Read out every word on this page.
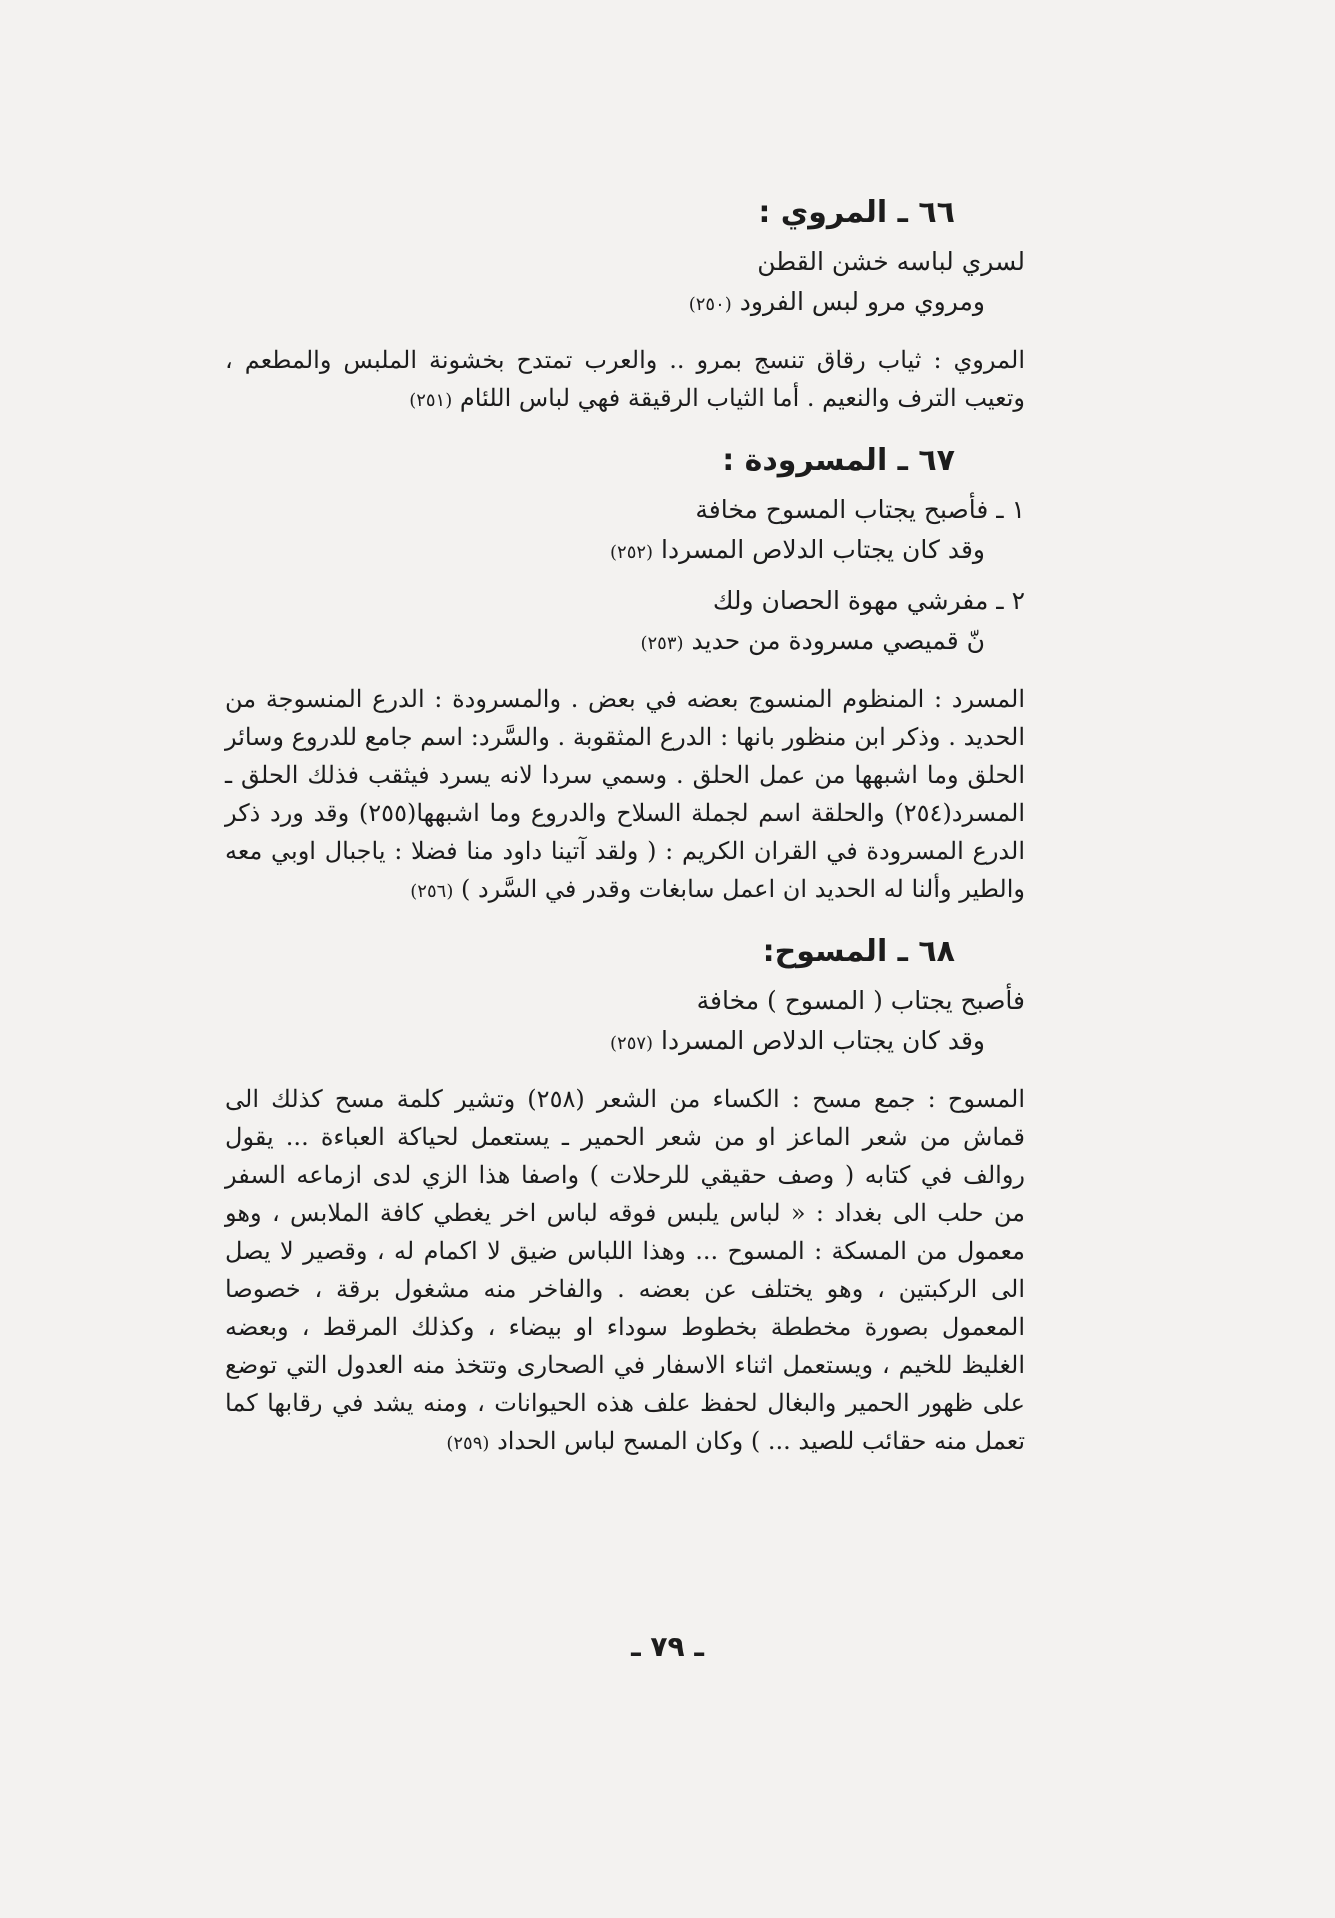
٦٦ ـ المروي :

لسري لباسه خشن القطن

ومروي مرو لبس الفرود (٢٥٠)

المروي : ثياب رقاق تنسج بمرو .. والعرب تمتدح بخشونة الملبس والمطعم ، وتعيب الترف والنعيم . أما الثياب الرقيقة فهي لباس اللئام (٢٥١)

٦٧ ـ المسرودة :

١ ـ فأصبح يجتاب المسوح مخافة

وقد كان يجتاب الدلاص المسردا (٢٥٢)

٢ ـ مفرشي مهوة الحصان ولك

نّ قميصي مسرودة من حديد (٢٥٣)

المسرد : المنظوم المنسوج بعضه في بعض . والمسرودة : الدرع المنسوجة من الحديد . وذكر ابن منظور بانها : الدرع المثقوبة . والسَّرد: اسم جامع للدروع وسائر الحلق وما اشبهها من عمل الحلق . وسمي سردا لانه يسرد فيثقب فذلك الحلق ـ المسرد(٢٥٤) والحلقة اسم لجملة السلاح والدروع وما اشبهها(٢٥٥) وقد ورد ذكر الدرع المسرودة في القران الكريم : ( ولقد آتينا داود منا فضلا : ياجبال اوبي معه والطير وألنا له الحديد ان اعمل سابغات وقدر في السَّرد ) (٢٥٦)

٦٨ ـ المسوح:

فأصبح يجتاب ( المسوح ) مخافة

وقد كان يجتاب الدلاص المسردا (٢٥٧)

المسوح : جمع مسح : الكساء من الشعر (٢٥٨) وتشير كلمة مسح كذلك الى قماش من شعر الماعز او من شعر الحمير ـ يستعمل لحياكة العباءة ... يقول روالف في كتابه ( وصف حقيقي للرحلات ) واصفا هذا الزي لدى ازماعه السفر من حلب الى بغداد : « لباس يلبس فوقه لباس اخر يغطي كافة الملابس ، وهو معمول من المسكة : المسوح ... وهذا اللباس ضيق لا اكمام له ، وقصير لا يصل الى الركبتين ، وهو يختلف عن بعضه . والفاخر منه مشغول برقة ، خصوصا المعمول بصورة مخططة بخطوط سوداء او بيضاء ، وكذلك المرقط ، وبعضه الغليظ للخيم ، ويستعمل اثناء الاسفار في الصحارى وتتخذ منه العدول التي توضع على ظهور الحمير والبغال لحفظ علف هذه الحيوانات ، ومنه يشد في رقابها كما تعمل منه حقائب للصيد ... ) وكان المسح لباس الحداد (٢٥٩)

ـ ٧٩ ـ
